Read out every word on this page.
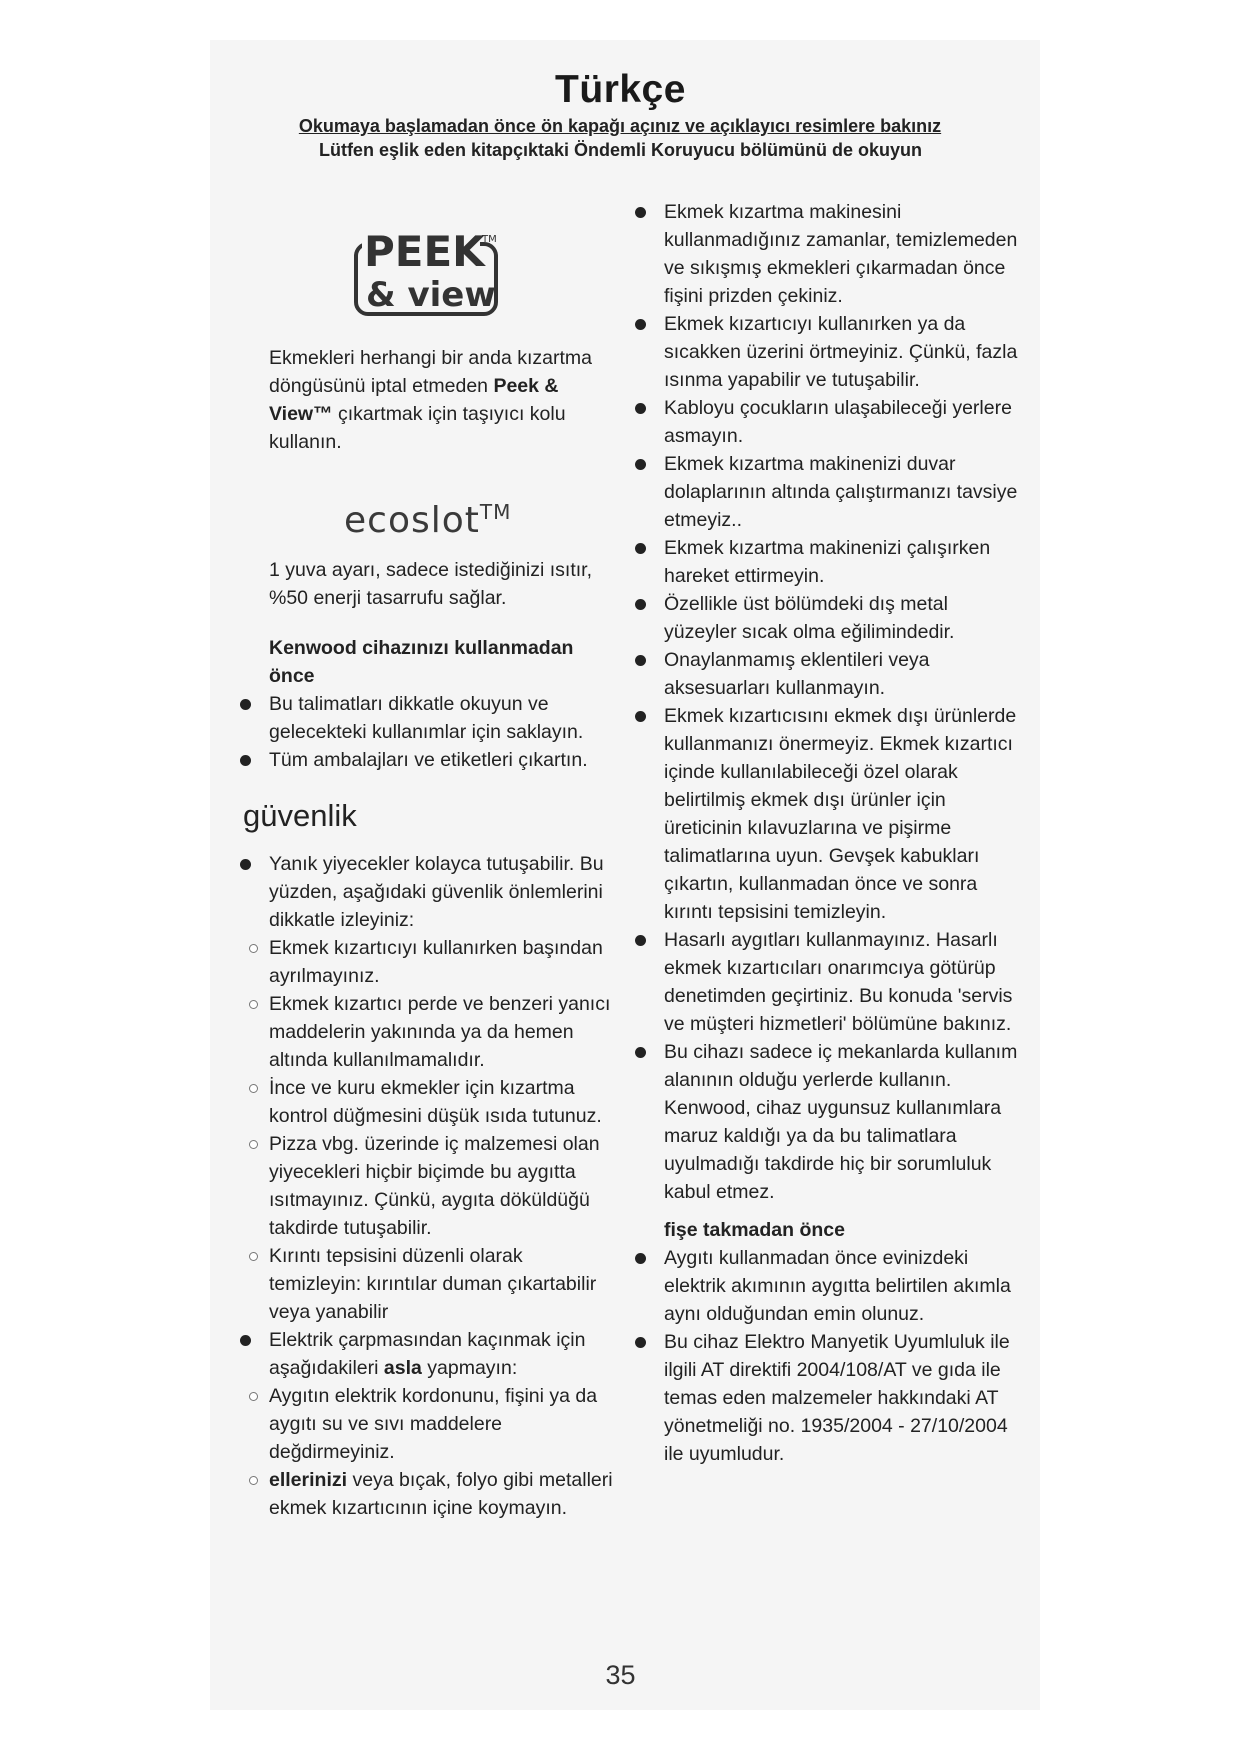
Türkçe
Okumaya başlamadan önce ön kapağı açınız ve açıklayıcı resimlere bakınız
Lütfen eşlik eden kitapçıktaki Öndemli Koruyucu bölümünü de okuyun
PEEK
TM
& view
ecoslot™

Ekmekleri herhangi bir anda kızartma döngüsünü iptal etmeden Peek & View™ çıkartmak için taşıyıcı kolu kullanın.

1 yuva ayarı, sadece istediğinizi ısıtır, %50 enerji tasarrufu sağlar.

Kenwood cihazınızı kullanmadan önce

Bu talimatları dikkatle okuyun ve gelecekteki kullanımlar için saklayın.

Tüm ambalajları ve etiketleri çıkartın.

güvenlik

Yanık yiyecekler kolayca tutuşabilir. Bu yüzden, aşağıdaki güvenlik önlemlerini dikkatle izleyiniz:

Ekmek kızartıcıyı kullanırken başından ayrılmayınız.

Ekmek kızartıcı perde ve benzeri yanıcı maddelerin yakınında ya da hemen altında kullanılmamalıdır.

İnce ve kuru ekmekler için kızartma kontrol düğmesini düşük ısıda tutunuz.

Pizza vbg. üzerinde iç malzemesi olan yiyecekleri hiçbir biçimde bu aygıtta ısıtmayınız. Çünkü, aygıta döküldüğü takdirde tutuşabilir.

Kırıntı tepsisini düzenli olarak temizleyin: kırıntılar duman çıkartabilir veya yanabilir

Elektrik çarpmasından kaçınmak için aşağıdakileri asla yapmayın:

Aygıtın elektrik kordonunu, fişini ya da aygıtı su ve sıvı maddelere değdirmeyiniz.

ellerinizi veya bıçak, folyo gibi metalleri ekmek kızartıcının içine koymayın.

Ekmek kızartma makinesini kullanmadığınız zamanlar, temizlemeden ve sıkışmış ekmekleri çıkarmadan önce fişini prizden çekiniz.

Ekmek kızartıcıyı kullanırken ya da sıcakken üzerini örtmeyiniz. Çünkü, fazla ısınma yapabilir ve tutuşabilir.

Kabloyu çocukların ulaşabileceği yerlere asmayın.

Ekmek kızartma makinenizi duvar dolaplarının altında çalıştırmanızı tavsiye etmeyiz..

Ekmek kızartma makinenizi çalışırken hareket ettirmeyin.

Özellikle üst bölümdeki dış metal yüzeyler sıcak olma eğilimindedir.

Onaylanmamış eklentileri veya aksesuarları kullanmayın.

Ekmek kızartıcısını ekmek dışı ürünlerde kullanmanızı önermeyiz. Ekmek kızartıcı içinde kullanılabileceği özel olarak belirtilmiş ekmek dışı ürünler için üreticinin kılavuzlarına ve pişirme talimatlarına uyun. Gevşek kabukları çıkartın, kullanmadan önce ve sonra kırıntı tepsisini temizleyin.

Hasarlı aygıtları kullanmayınız. Hasarlı ekmek kızartıcıları onarımcıya götürüp denetimden geçirtiniz. Bu konuda 'servis ve müşteri hizmetleri' bölümüne bakınız.

Bu cihazı sadece iç mekanlarda kullanım alanının olduğu yerlerde kullanın. Kenwood, cihaz uygunsuz kullanımlara maruz kaldığı ya da bu talimatlara uyulmadığı takdirde hiç bir sorumluluk kabul etmez.

fişe takmadan önce

Aygıtı kullanmadan önce evinizdeki elektrik akımının aygıtta belirtilen akımla aynı olduğundan emin olunuz.

Bu cihaz Elektro Manyetik Uyumluluk ile ilgili AT direktifi 2004/108/AT ve gıda ile temas eden malzemeler hakkındaki AT yönetmeliği no. 1935/2004 - 27/10/2004 ile uyumludur.

35
